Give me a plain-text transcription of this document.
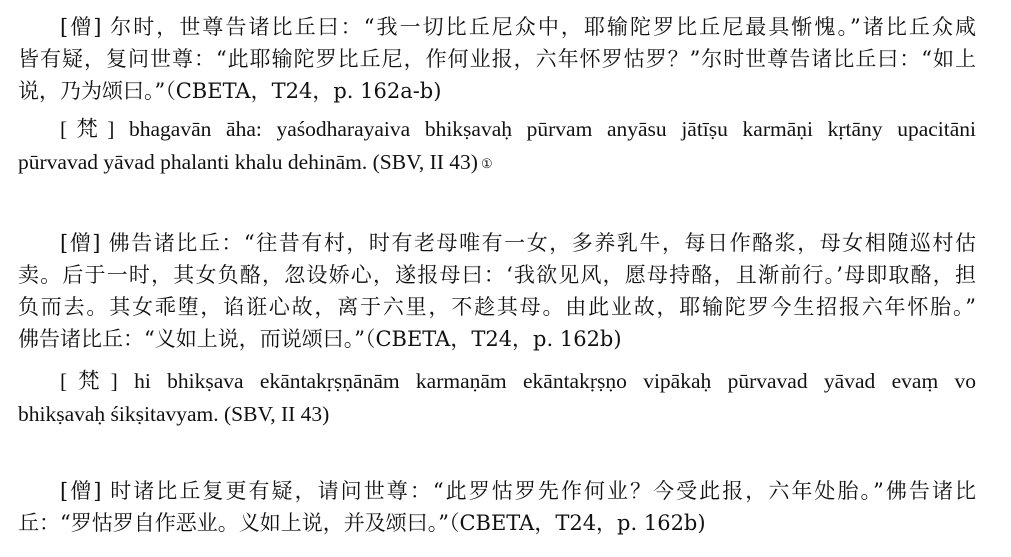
[僧] 尔时，世尊告诸比丘曰：“我一切比丘尼众中，耶输陀罗比丘尼最具惭愧。”诸比丘众咸
皆有疑，复问世尊：“此耶输陀罗比丘尼，作何业报，六年怀罗怙罗？”尔时世尊告诸比丘曰：“如上
说，乃为颂曰。”（CBETA，T24，p. 162a-b)
[梵] bhagavān āha: yaśodharayaiva bhikṣavaḥ pūrvam anyāsu jātīṣu karmāṇi kṛtāny upacitāni
pūrvavad yāvad phalanti khalu dehinām. (SBV, II 43) ①
[僧] 佛告诸比丘：“往昔有村，时有老母唯有一女，多养乳牛，每日作酪浆，母女相随巡村估
卖。后于一时，其女负酪，忽设娇心，遂报母曰：‘我欲见风，愿母持酪，且渐前行。’母即取酪，担
负而去。其女乖堕，谄诳心故，离于六里，不趁其母。由此业故，耶输陀罗今生招报六年怀胎。”
佛告诸比丘：“义如上说，而说颂曰。”（CBETA，T24，p. 162b)
[梵] hi bhikṣava ekāntakṛṣṇānām karmaṇām ekāntakṛṣṇo vipākaḥ pūrvavad yāvad evaṃ vo
bhikṣavaḥ śikṣitavyam. (SBV, II 43)
[僧] 时诸比丘复更有疑，请问世尊：“此罗怙罗先作何业？今受此报，六年处胎。”佛告诸比
丘：“罗怙罗自作恶业。义如上说，并及颂曰。”（CBETA，T24，p. 162b)
